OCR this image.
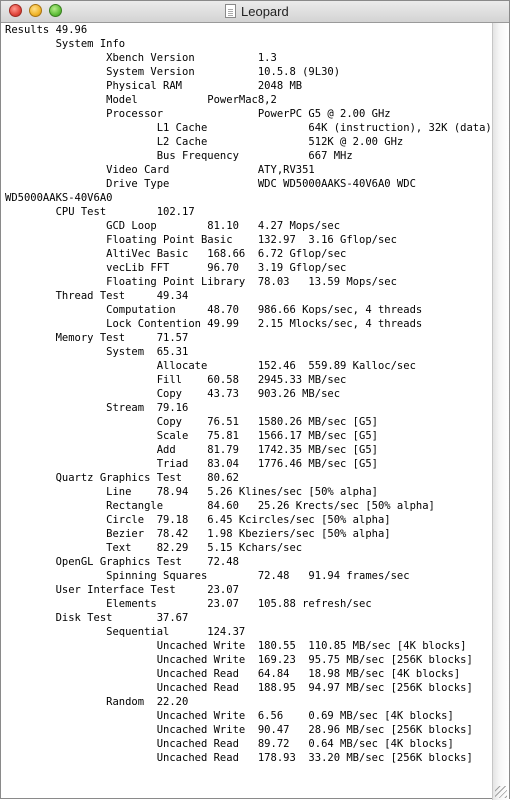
Leopard
Results 49.96
System Info
Xbench Version          1.3
System Version          10.5.8 (9L30)
Physical RAM            2048 MB
Model           PowerMac8,2
Processor               PowerPC G5 @ 2.00 GHz
L1 Cache                64K (instruction), 32K (data)
L2 Cache                512K @ 2.00 GHz
Bus Frequency           667 MHz
Video Card              ATY,RV351
Drive Type              WDC WD5000AAKS-40V6A0 WDC
WD5000AAKS-40V6A0
CPU Test        102.17
GCD Loop        81.10   4.27 Mops/sec
Floating Point Basic    132.97  3.16 Gflop/sec
AltiVec Basic   168.66  6.72 Gflop/sec
vecLib FFT      96.70   3.19 Gflop/sec
Floating Point Library  78.03   13.59 Mops/sec
Thread Test     49.34
Computation     48.70   986.66 Kops/sec, 4 threads
Lock Contention 49.99   2.15 Mlocks/sec, 4 threads
Memory Test     71.57
System  65.31
Allocate        152.46  559.89 Kalloc/sec
Fill    60.58   2945.33 MB/sec
Copy    43.73   903.26 MB/sec
Stream  79.16
Copy    76.51   1580.26 MB/sec [G5]
Scale   75.81   1566.17 MB/sec [G5]
Add     81.79   1742.35 MB/sec [G5]
Triad   83.04   1776.46 MB/sec [G5]
Quartz Graphics Test    80.62
Line    78.94   5.26 Klines/sec [50% alpha]
Rectangle       84.60   25.26 Krects/sec [50% alpha]
Circle  79.18   6.45 Kcircles/sec [50% alpha]
Bezier  78.42   1.98 Kbeziers/sec [50% alpha]
Text    82.29   5.15 Kchars/sec
OpenGL Graphics Test    72.48
Spinning Squares        72.48   91.94 frames/sec
User Interface Test     23.07
Elements        23.07   105.88 refresh/sec
Disk Test       37.67
Sequential      124.37
Uncached Write  180.55  110.85 MB/sec [4K blocks]
Uncached Write  169.23  95.75 MB/sec [256K blocks]
Uncached Read   64.84   18.98 MB/sec [4K blocks]
Uncached Read   188.95  94.97 MB/sec [256K blocks]
Random  22.20
Uncached Write  6.56    0.69 MB/sec [4K blocks]
Uncached Write  90.47   28.96 MB/sec [256K blocks]
Uncached Read   89.72   0.64 MB/sec [4K blocks]
Uncached Read   178.93  33.20 MB/sec [256K blocks]
